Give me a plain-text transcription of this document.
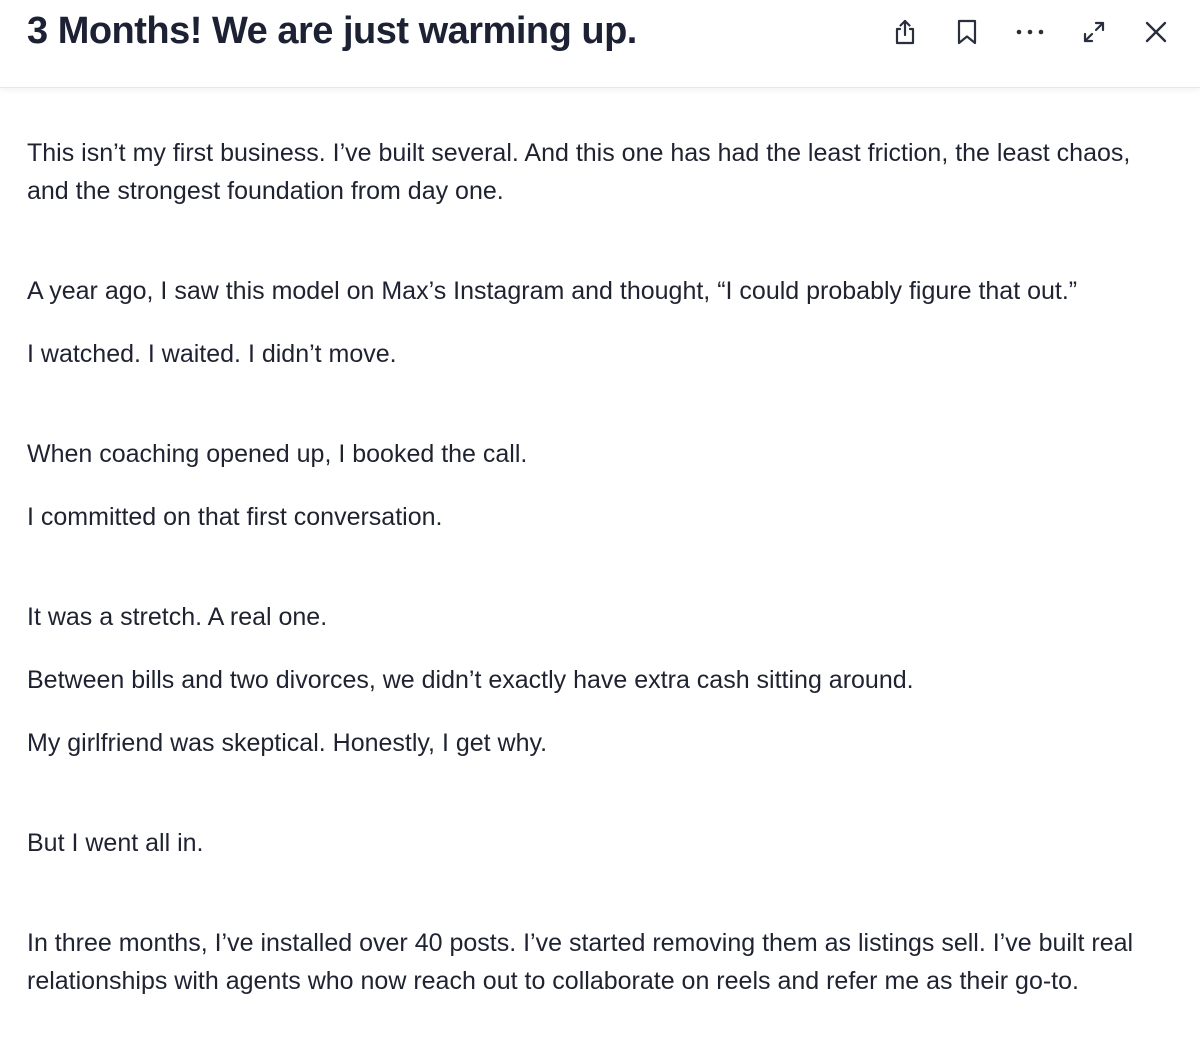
3 Months! We are just warming up.

This isn’t my first business. I’ve built several. And this one has had the least friction, the least chaos, and the strongest foundation from day one.

A year ago, I saw this model on Max’s Instagram and thought, “I could probably figure that out.”

I watched. I waited. I didn’t move.

When coaching opened up, I booked the call.

I committed on that first conversation.

It was a stretch. A real one.

Between bills and two divorces, we didn’t exactly have extra cash sitting around.

My girlfriend was skeptical. Honestly, I get why.

But I went all in.

In three months, I’ve installed over 40 posts. I’ve started removing them as listings sell. I’ve built real relationships with agents who now reach out to collaborate on reels and refer me as their go-to.
